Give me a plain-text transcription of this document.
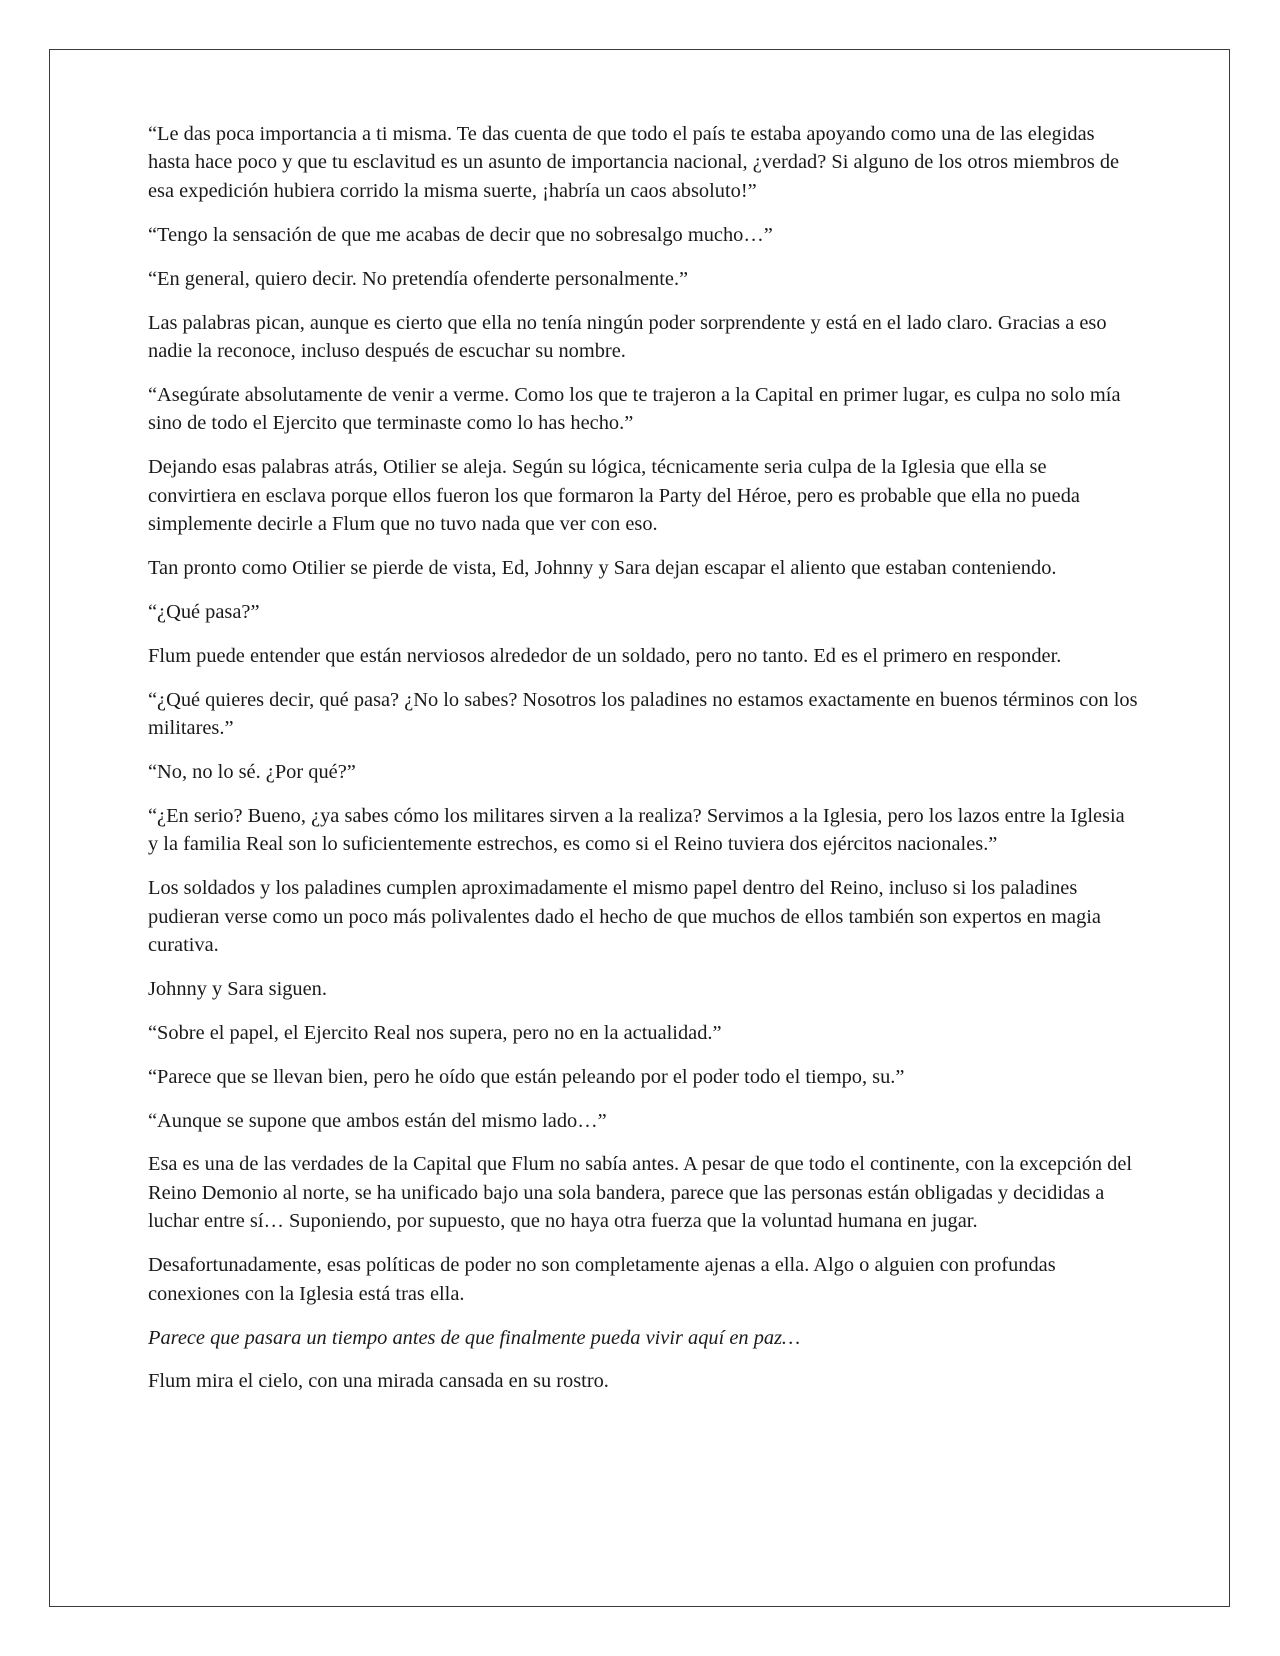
“Le das poca importancia a ti misma. Te das cuenta de que todo el país te estaba apoyando como una de las elegidas hasta hace poco y que tu esclavitud es un asunto de importancia nacional, ¿verdad? Si alguno de los otros miembros de esa expedición hubiera corrido la misma suerte, ¡habría un caos absoluto!”

“Tengo la sensación de que me acabas de decir que no sobresalgo mucho…”

“En general, quiero decir. No pretendía ofenderte personalmente.”

Las palabras pican, aunque es cierto que ella no tenía ningún poder sorprendente y está en el lado claro. Gracias a eso nadie la reconoce, incluso después de escuchar su nombre.

“Asegúrate absolutamente de venir a verme. Como los que te trajeron a la Capital en primer lugar, es culpa no solo mía sino de todo el Ejercito que terminaste como lo has hecho.”

Dejando esas palabras atrás, Otilier se aleja. Según su lógica, técnicamente seria culpa de la Iglesia que ella se convirtiera en esclava porque ellos fueron los que formaron la Party del Héroe, pero es probable que ella no pueda simplemente decirle a Flum que no tuvo nada que ver con eso.

Tan pronto como Otilier se pierde de vista, Ed, Johnny y Sara dejan escapar el aliento que estaban conteniendo.

“¿Qué pasa?”

Flum puede entender que están nerviosos alrededor de un soldado, pero no tanto. Ed es el primero en responder.

“¿Qué quieres decir, qué pasa? ¿No lo sabes? Nosotros los paladines no estamos exactamente en buenos términos con los militares.”

“No, no lo sé. ¿Por qué?”

“¿En serio? Bueno, ¿ya sabes cómo los militares sirven a la realiza? Servimos a la Iglesia, pero los lazos entre la Iglesia y la familia Real son lo suficientemente estrechos, es como si el Reino tuviera dos ejércitos nacionales.”

Los soldados y los paladines cumplen aproximadamente el mismo papel dentro del Reino, incluso si los paladines pudieran verse como un poco más polivalentes dado el hecho de que muchos de ellos también son expertos en magia curativa.

Johnny y Sara siguen.

“Sobre el papel, el Ejercito Real nos supera, pero no en la actualidad.”

“Parece que se llevan bien, pero he oído que están peleando por el poder todo el tiempo, su.”

“Aunque se supone que ambos están del mismo lado…”

Esa es una de las verdades de la Capital que Flum no sabía antes. A pesar de que todo el continente, con la excepción del Reino Demonio al norte, se ha unificado bajo una sola bandera, parece que las personas están obligadas y decididas a luchar entre sí… Suponiendo, por supuesto, que no haya otra fuerza que la voluntad humana en jugar.

Desafortunadamente, esas políticas de poder no son completamente ajenas a ella. Algo o alguien con profundas conexiones con la Iglesia está tras ella.

Parece que pasara un tiempo antes de que finalmente pueda vivir aquí en paz…

Flum mira el cielo, con una mirada cansada en su rostro.
